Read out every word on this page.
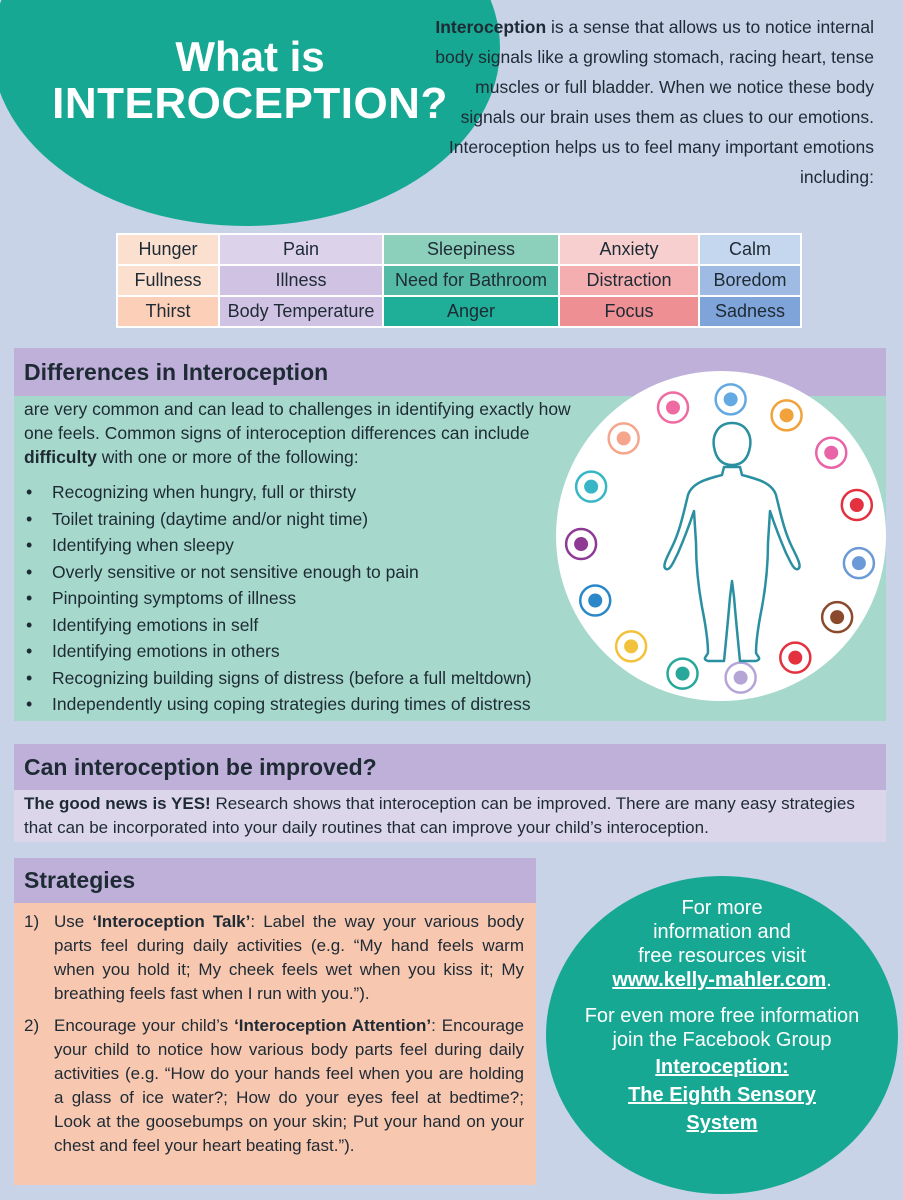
What is
INTEROCEPTION?

Interoception is a sense that allows us to notice internal body signals like a growling stomach, racing heart, tense muscles or full bladder. When we notice these body signals our brain uses them as clues to our emotions. Interoception helps us to feel many important emotions including:

Hunger	Pain	Sleepiness	Anxiety	Calm
Fullness	Illness	Need for Bathroom	Distraction	Boredom
Thirst	Body Temperature	Anger	Focus	Sadness
Differences in Interoception

are very common and can lead to challenges in identifying exactly how one feels. Common signs of interoception differences can include difficulty with one or more of the following:

• Recognizing when hungry, full or thirsty
• Toilet training (daytime and/or night time)
• Identifying when sleepy
• Overly sensitive or not sensitive enough to pain
• Pinpointing symptoms of illness
• Identifying emotions in self
• Identifying emotions in others
• Recognizing building signs of distress (before a full meltdown)
• Independently using coping strategies during times of distress
Can interoception be improved?

The good news is YES! Research shows that interoception can be improved. There are many easy strategies that can be incorporated into your daily routines that can improve your child’s interoception.

Strategies
1) Use ‘Interoception Talk’: Label the way your various body parts feel during daily activities (e.g. “My hand feels warm when you hold it; My cheek feels wet when you kiss it; My breathing feels fast when I run with you.”).
2) Encourage your child’s ‘Interoception Attention’: Encourage your child to notice how various body parts feel during daily activities (e.g. “How do your hands feel when you are holding a glass of ice water?; How do your eyes feel at bedtime?; Look at the goosebumps on your skin; Put your hand on your chest and feel your heart beating fast.”).

For more

information and

free resources visit

www.kelly-mahler.com.

For even more free information

join the Facebook Group

Interoception:

The Eighth Sensory

System
